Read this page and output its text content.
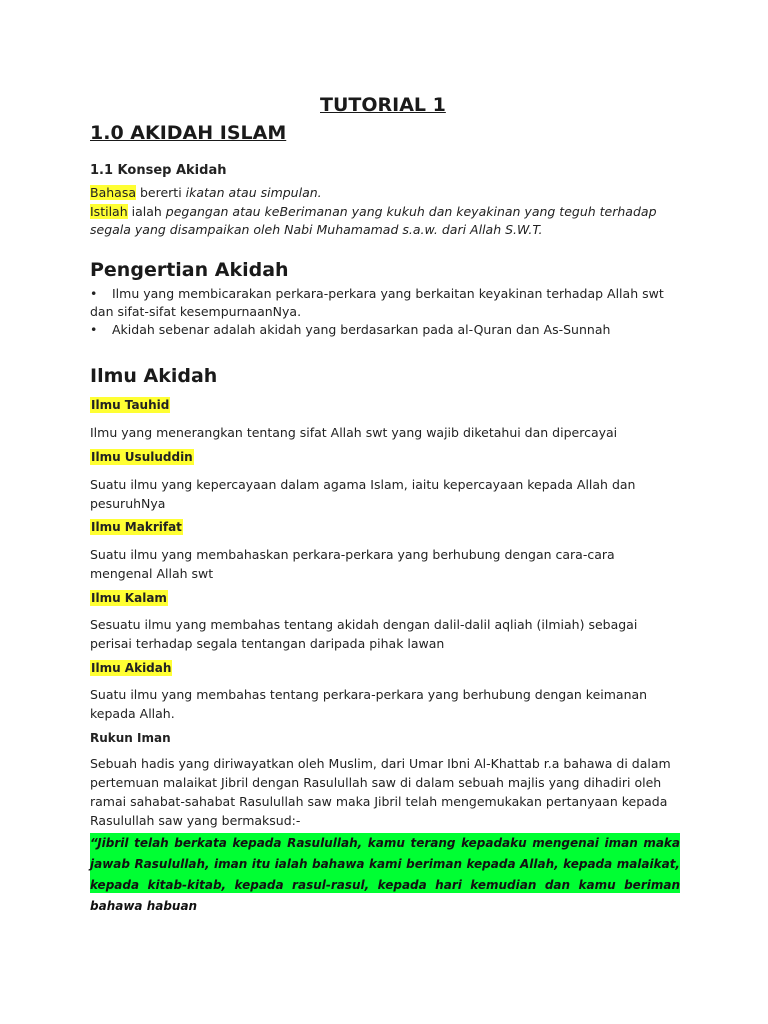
TUTORIAL 1
1.0 AKIDAH ISLAM
1.1 Konsep Akidah
Bahasa bererti ikatan atau simpulan.
Istilah ialah pegangan atau keBerimanan yang kukuh dan keyakinan yang teguh terhadap
segala yang disampaikan oleh Nabi Muhamamad s.a.w. dari Allah S.W.T.
Pengertian Akidah
• Ilmu yang membicarakan perkara-perkara yang berkaitan keyakinan terhadap Allah swt dan sifat-sifat kesempurnaanNya.
• Akidah sebenar adalah akidah yang berdasarkan pada al-Quran dan As-Sunnah
Ilmu Akidah
Ilmu Tauhid
Ilmu yang menerangkan tentang sifat Allah swt yang wajib diketahui dan dipercayai
Ilmu Usuluddin
Suatu ilmu yang kepercayaan dalam agama Islam, iaitu kepercayaan kepada Allah dan pesuruhNya
Ilmu Makrifat
Suatu ilmu yang membahaskan perkara-perkara yang berhubung dengan cara-cara mengenal Allah swt
Ilmu Kalam
Sesuatu ilmu yang membahas tentang akidah dengan dalil-dalil aqliah (ilmiah) sebagai perisai terhadap segala tentangan daripada pihak lawan
Ilmu Akidah
Suatu ilmu yang membahas tentang perkara-perkara yang berhubung dengan keimanan kepada Allah.
Rukun Iman
Sebuah hadis yang diriwayatkan oleh Muslim, dari Umar Ibni Al-Khattab r.a bahawa di dalam pertemuan malaikat Jibril dengan Rasulullah saw di dalam sebuah majlis yang dihadiri oleh ramai sahabat-sahabat Rasulullah saw maka Jibril telah mengemukakan pertanyaan kepada Rasulullah saw yang bermaksud:-
“Jibril telah berkata kepada Rasulullah, kamu terang kepadaku mengenai iman maka jawab Rasulullah, iman itu ialah bahawa kami beriman kepada Allah, kepada malaikat, kepada kitab-kitab, kepada rasul-rasul, kepada hari kemudian dan kamu beriman bahawa habuan
